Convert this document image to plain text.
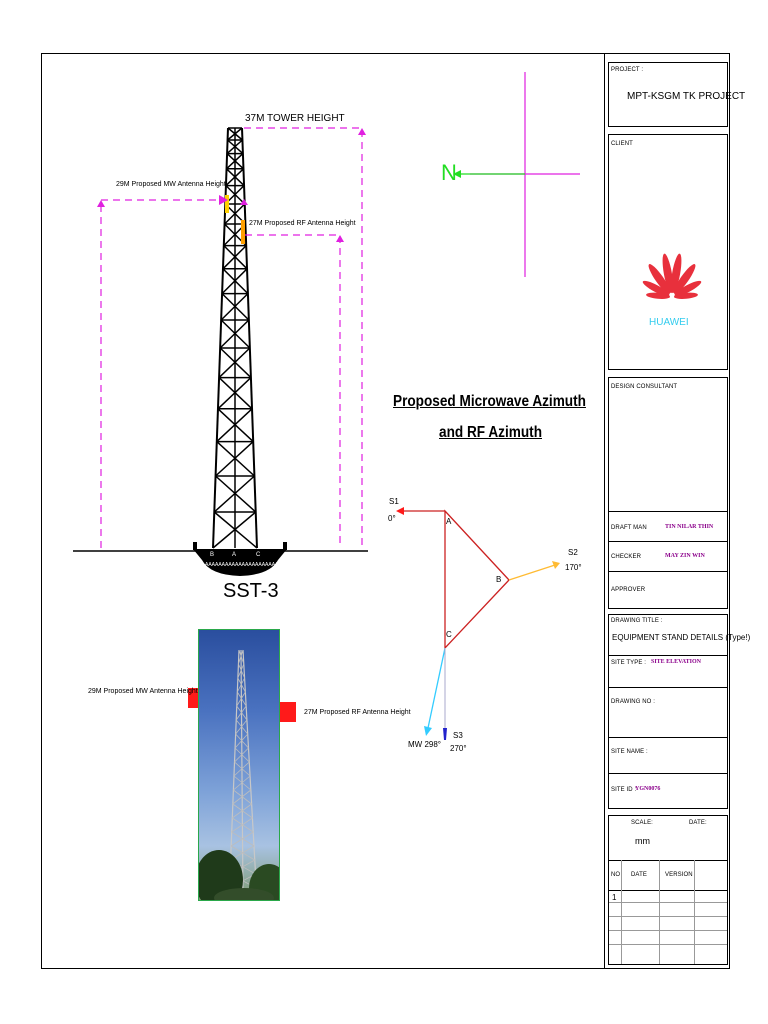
AAAAAAAAAAAAAAAAAAAAAAA
37M TOWER HEIGHT
29M Proposed MW Antenna Height
27M Proposed RF Antenna Height
B	A	C
SST-3
N
Proposed Microwave Azimuth
and RF Azimuth
A
B
C
S1
0°
S2
170°
S3
270°
MW 298°
29M Proposed MW Antenna Height
27M Proposed RF Antenna Height
PROJECT :
MPT-KSGM TK PROJECT
CLIENT
HUAWEI
DESIGN CONSULTANT
DRAFT MAN	TIN NILAR THIN
CHECKER	MAY ZIN WIN
APPROVER
DRAWING TITLE :
EQUIPMENT STAND DETAILS (Type!)
SITE TYPE : SITE ELEVATION
DRAWING NO :
SITE NAME :
SITE ID :
YGN0076
SCALE:
mm
DATE:
NO DATE	VERSION
1
